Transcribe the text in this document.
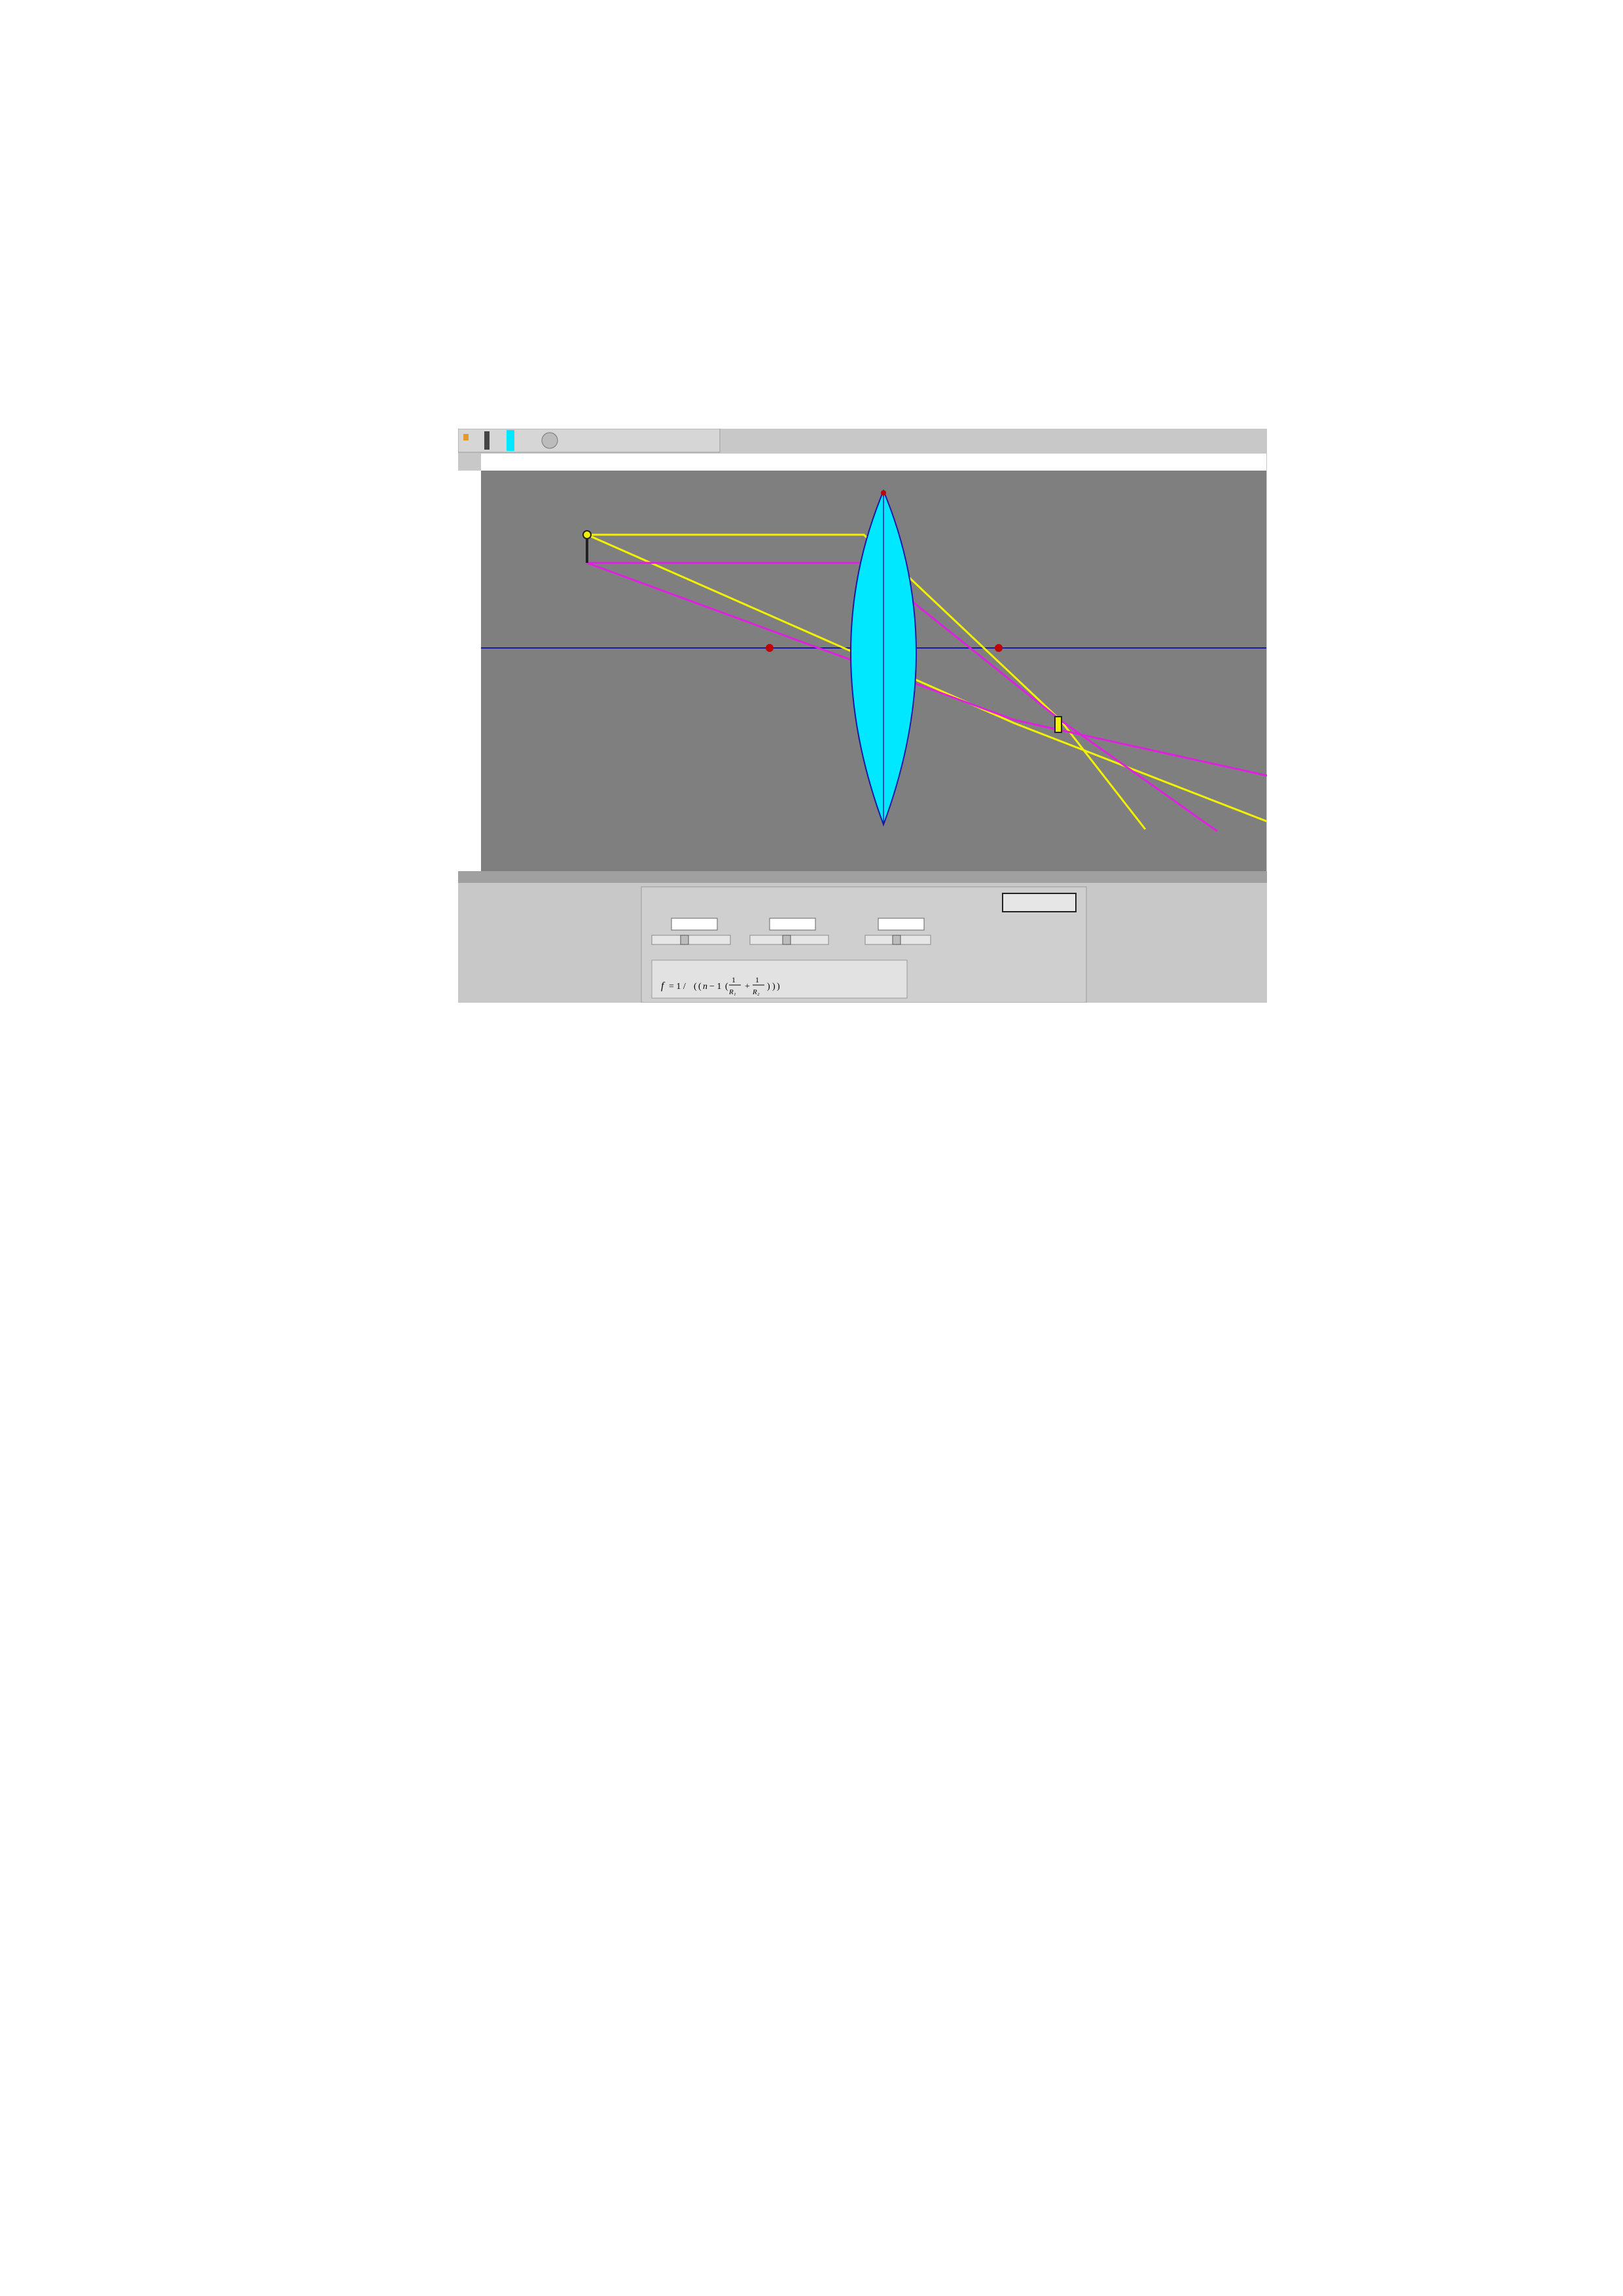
f = 1 / ( ( n − 1 (
1
R₁
+
1
R₂
) ) )
